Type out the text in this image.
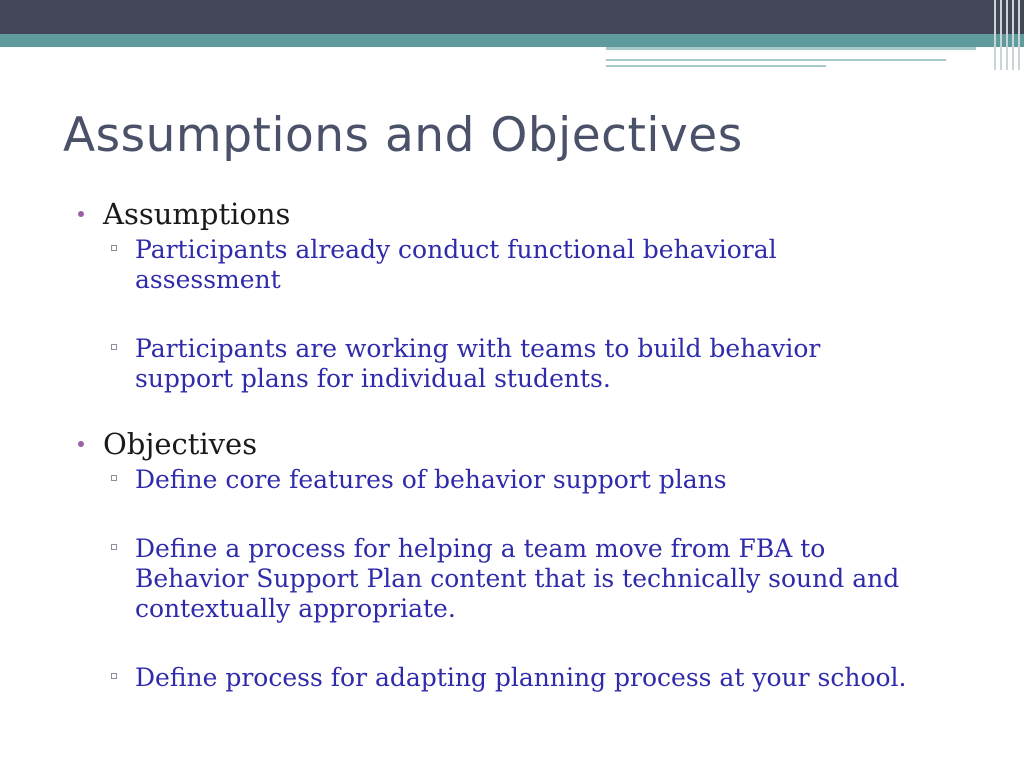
Assumptions and Objectives
Assumptions
Participants already conduct functional behavioral assessment
Participants are working with teams to build behavior support plans for individual students.
Objectives
Define core features of behavior support plans
Define a process for helping a team move from FBA to Behavior Support Plan content that is technically sound and contextually appropriate.
Define process for adapting planning process at your school.
